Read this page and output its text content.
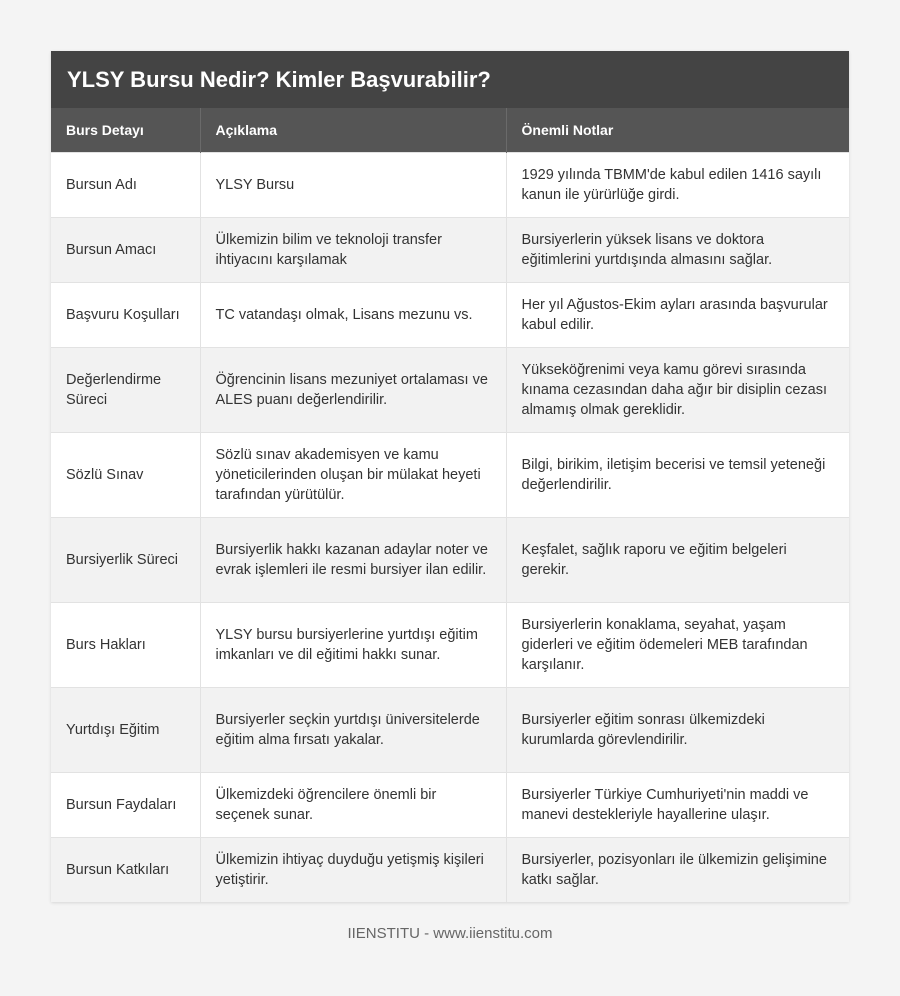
YLSY Bursu Nedir? Kimler Başvurabilir?
Burs Detayı	Açıklama	Önemli Notlar
Bursun Adı	YLSY Bursu	1929 yılında TBMM'de kabul edilen 1416 sayılı kanun ile yürürlüğe girdi.
Bursun Amacı	Ülkemizin bilim ve teknoloji transfer ihtiyacını karşılamak	Bursiyerlerin yüksek lisans ve doktora eğitimlerini yurtdışında almasını sağlar.
Başvuru Koşulları	TC vatandaşı olmak, Lisans mezunu vs.	Her yıl Ağustos-Ekim ayları arasında başvurular kabul edilir.
Değerlendirme Süreci	Öğrencinin lisans mezuniyet ortalaması ve ALES puanı değerlendirilir.	Yükseköğrenimi veya kamu görevi sırasında kınama cezasından daha ağır bir disiplin cezası almamış olmak gereklidir.
Sözlü Sınav	Sözlü sınav akademisyen ve kamu yöneticilerinden oluşan bir mülakat heyeti tarafından yürütülür.	Bilgi, birikim, iletişim becerisi ve temsil yeteneği değerlendirilir.
Bursiyerlik Süreci	Bursiyerlik hakkı kazanan adaylar noter ve evrak işlemleri ile resmi bursiyer ilan edilir.	Keşfalet, sağlık raporu ve eğitim belgeleri gerekir.
Burs Hakları	YLSY bursu bursiyerlerine yurtdışı eğitim imkanları ve dil eğitimi hakkı sunar.	Bursiyerlerin konaklama, seyahat, yaşam giderleri ve eğitim ödemeleri MEB tarafından karşılanır.
Yurtdışı Eğitim	Bursiyerler seçkin yurtdışı üniversitelerde eğitim alma fırsatı yakalar.	Bursiyerler eğitim sonrası ülkemizdeki kurumlarda görevlendirilir.
Bursun Faydaları	Ülkemizdeki öğrencilere önemli bir seçenek sunar.	Bursiyerler Türkiye Cumhuriyeti'nin maddi ve manevi destekleriyle hayallerine ulaşır.
Bursun Katkıları	Ülkemizin ihtiyaç duyduğu yetişmiş kişileri yetiştirir.	Bursiyerler, pozisyonları ile ülkemizin gelişimine katkı sağlar.
IIENSTITU - www.iienstitu.com
